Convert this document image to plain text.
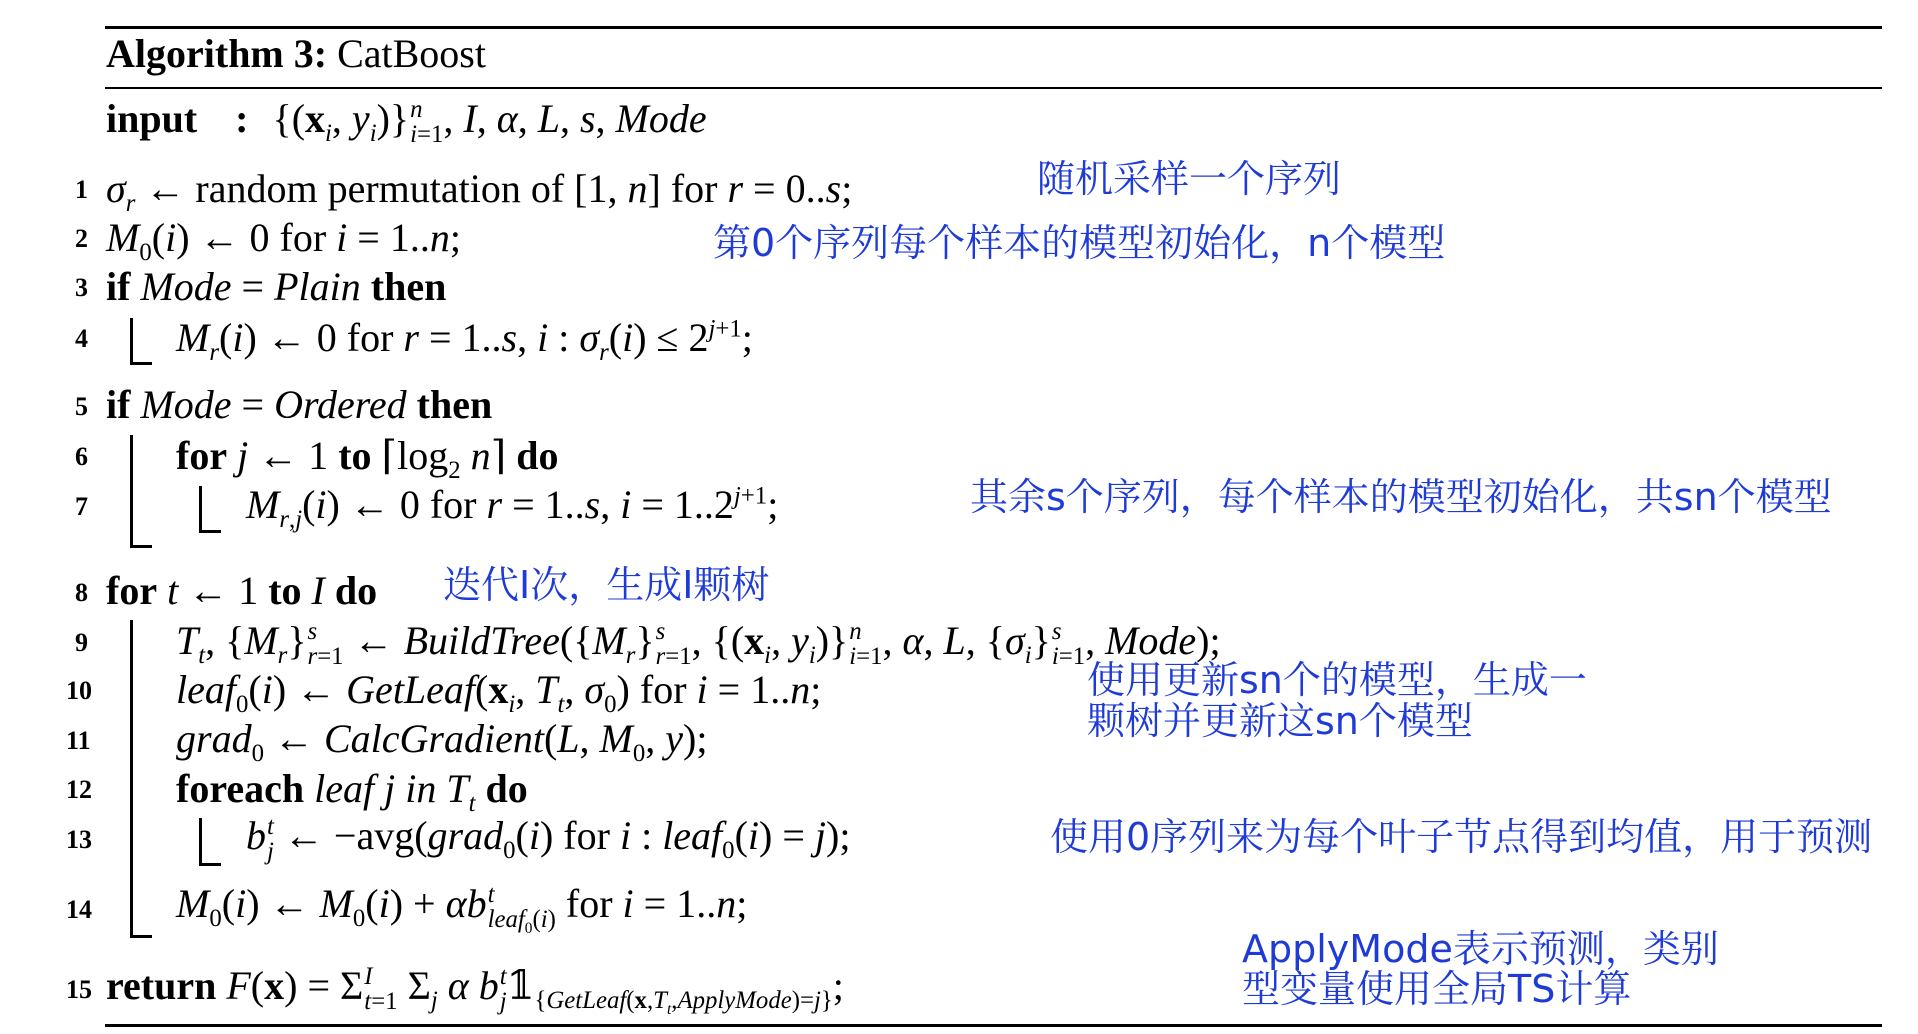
Algorithm 3: CatBoost
input : {($x_i$, $y_i$)} n
i=1 , I, α, L, s, Mode
1
2
3
4
5
6
7
8
9
10
11
12
13
14
15
$\sigma_r$ ← random permutation of [1, n] for r = 0..s;
$M_0(i)$ ← 0 for i = 1..n;
if Mode = Plain then
$M_r(i)$ ← 0 for r = 1..s, i : $\sigma_r(i) \le 2^{j+1}$;
if Mode = Ordered then
for j ← 1 to $⌈\log_2$ n⌉ do
$M_{r,j}(i)$ ← 0 for r = 1..s, $i = 1..2^{j+1}$;
for t ← 1 to I do
$T_t$, $\{M_r\}$ s
r=1 ← $BuildTree(\{M_r\}$ s
r=1 , {($x_i$, $y_i$)} n
i=1 , α, L, $\{\sigma_i\}$ s
i=1 , Mode);
leaf$_0$(i) ← $GetLeaf(x_i$, $T_t$, $\sigma_0$) for i = 1..n;
grad$_0$ ← CalcGradient(L, $M_0$, y);
foreach leaf j in $T_t$ do
b t
j ← −avg(grad$_0$(i) for i : leaf$_0$(i) = j);
$M_0(i)$ ← $M_0(i) + \alpha b$ t
leaf$_0$(i) for i = 1..n;
return F(x) = Σ I
t=1 $\Sigma_j$ α b t
j $𝟙_{\{GetLeaf(x,T_t,ApplyMode)=j\}}$;
随机采样一个序列
第0个序列每个样本的模型初始化，n个模型
其余s个序列，每个样本的模型初始化，共sn个模型
迭代I次，生成I颗树
使用更新sn个的模型，生成一
颗树并更新这sn个模型
使用0序列来为每个叶子节点得到均值，用于预测
ApplyMode表示预测，类别
型变量使用全局TS计算
